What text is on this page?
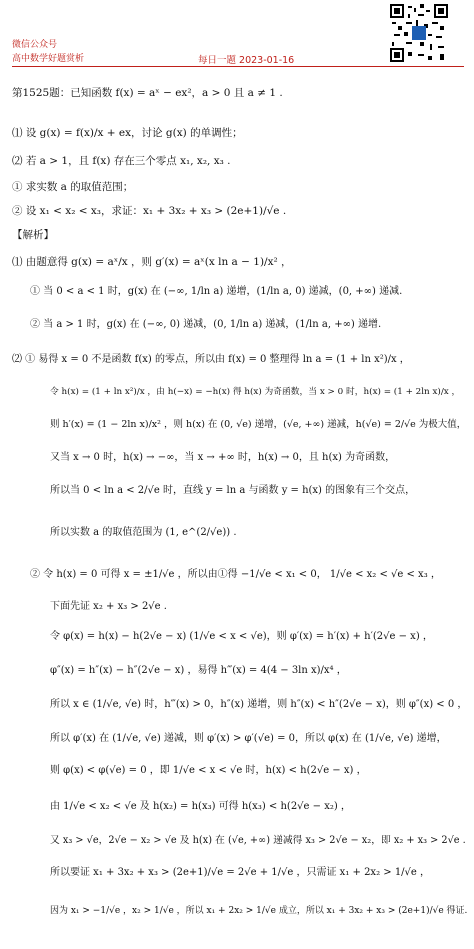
微信公众号
高中数学好题赏析	每日一题 2023-01-16
第1525题：已知函数 f(x) = aˣ − ex²，a > 0 且 a ≠ 1 .
⑴ 设 g(x) = f(x)/x + ex，讨论 g(x) 的单调性；
⑵ 若 a > 1，且 f(x) 存在三个零点 x₁, x₂, x₃ .
① 求实数 a 的取值范围；
② 设 x₁ < x₂ < x₃，求证：x₁ + 3x₂ + x₃ > (2e+1)/√e .
【解析】
⑴ 由题意得 g(x) = aˣ/x ，则 g′(x) = aˣ(x ln a − 1)/x² ，
① 当 0 < a < 1 时，g(x) 在 (−∞, 1/ln a) 递增，(1/ln a, 0) 递减，(0, +∞) 递减.
② 当 a > 1 时，g(x) 在 (−∞, 0) 递减，(0, 1/ln a) 递减，(1/ln a, +∞) 递增.
⑵ ① 易得 x = 0 不是函数 f(x) 的零点，所以由 f(x) = 0 整理得 ln a = (1 + ln x²)/x ，
令 h(x) = (1 + ln x²)/x ，由 h(−x) = −h(x) 得 h(x) 为奇函数，当 x > 0 时，h(x) = (1 + 2ln x)/x ，
则 h′(x) = (1 − 2ln x)/x² ，则 h(x) 在 (0, √e) 递增，(√e, +∞) 递减，h(√e) = 2/√e 为极大值，
又当 x → 0 时，h(x) → −∞，当 x → +∞ 时，h(x) → 0，且 h(x) 为奇函数，
所以当 0 < ln a < 2/√e 时，直线 y = ln a 与函数 y = h(x) 的图象有三个交点，
所以实数 a 的取值范围为 (1, e^(2/√e)) .
② 令 h(x) = 0 可得 x = ±1/√e ，所以由①得 −1/√e < x₁ < 0， 1/√e < x₂ < √e < x₃ ，
下面先证 x₂ + x₃ > 2√e .
令 φ(x) = h(x) − h(2√e − x) (1/√e < x < √e)，则 φ′(x) = h′(x) + h′(2√e − x) ，
φ″(x) = h″(x) − h″(2√e − x) ，易得 h‴(x) = 4(4 − 3ln x)/x⁴ ，
所以 x ∈ (1/√e, √e) 时，h‴(x) > 0，h″(x) 递增，则 h″(x) < h″(2√e − x)，则 φ″(x) < 0 ，
所以 φ′(x) 在 (1/√e, √e) 递减，则 φ′(x) > φ′(√e) = 0，所以 φ(x) 在 (1/√e, √e) 递增，
则 φ(x) < φ(√e) = 0 ，即 1/√e < x < √e 时，h(x) < h(2√e − x) ，
由 1/√e < x₂ < √e 及 h(x₂) = h(x₃) 可得 h(x₃) < h(2√e − x₂) ，
又 x₃ > √e，2√e − x₂ > √e 及 h(x) 在 (√e, +∞) 递减得 x₃ > 2√e − x₂，即 x₂ + x₃ > 2√e .
所以要证 x₁ + 3x₂ + x₃ > (2e+1)/√e = 2√e + 1/√e ，只需证 x₁ + 2x₂ > 1/√e ，
因为 x₁ > −1/√e ，x₂ > 1/√e ，所以 x₁ + 2x₂ > 1/√e 成立，所以 x₁ + 3x₂ + x₃ > (2e+1)/√e 得证.
